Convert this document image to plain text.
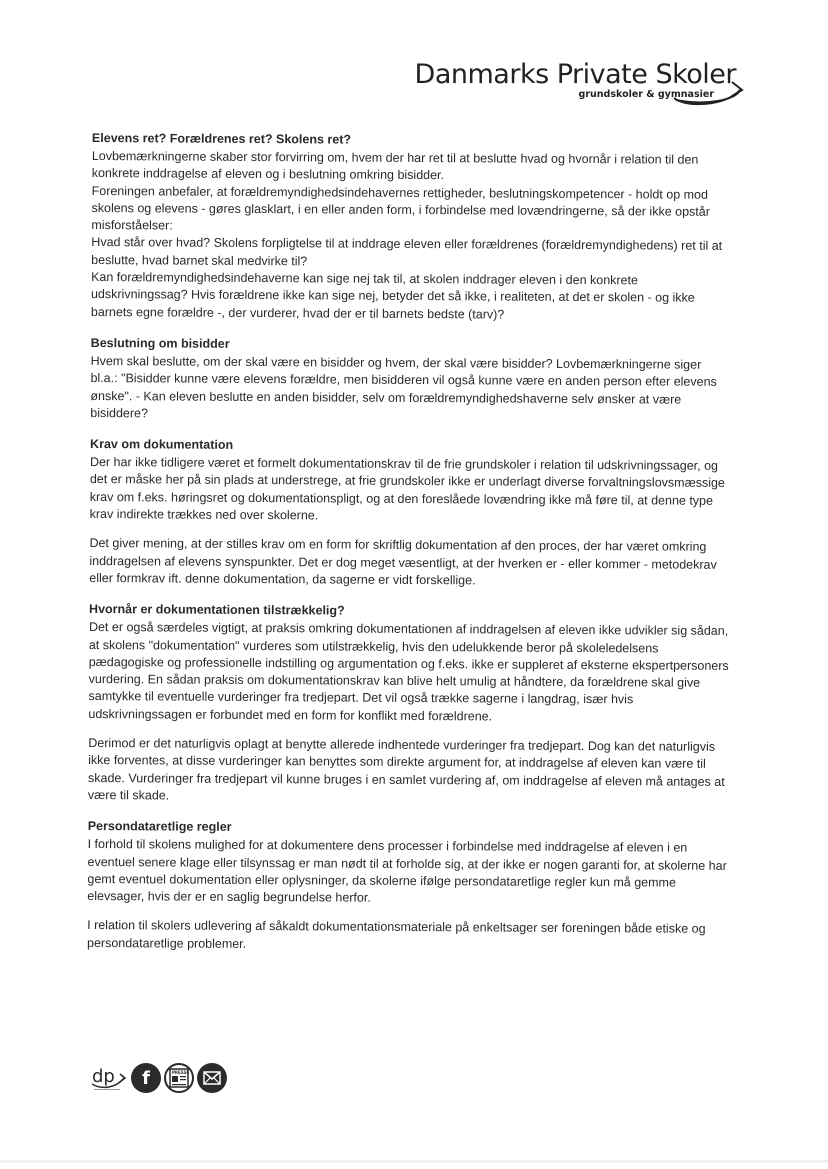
Danmarks Private Skoler
grundskoler & gymnasier
Elevens ret? Forældrenes ret? Skolens ret?

Lovbemærkningerne skaber stor forvirring om, hvem der har ret til at beslutte hvad og hvornår i relation til den konkrete inddragelse af eleven og i beslutning omkring bisidder.

Foreningen anbefaler, at forældremyndighedsindehavernes rettigheder, beslutningskompetencer - holdt op mod skolens og elevens - gøres glasklart, i en eller anden form, i forbindelse med lovændringerne, så der ikke opstår misforståelser:

Hvad står over hvad? Skolens forpligtelse til at inddrage eleven eller forældrenes (forældremyndighedens) ret til at beslutte, hvad barnet skal medvirke til?

Kan forældremyndighedsindehaverne kan sige nej tak til, at skolen inddrager eleven i den konkrete udskrivningssag? Hvis forældrene ikke kan sige nej, betyder det så ikke, i realiteten, at det er skolen - og ikke barnets egne forældre -, der vurderer, hvad der er til barnets bedste (tarv)?

Beslutning om bisidder

Hvem skal beslutte, om der skal være en bisidder og hvem, der skal være bisidder? Lovbemærkningerne siger bl.a.: "Bisidder kunne være elevens forældre, men bisidderen vil også kunne være en anden person efter elevens ønske". - Kan eleven beslutte en anden bisidder, selv om forældremyndighedshaverne selv ønsker at være bisiddere?

Krav om dokumentation

Der har ikke tidligere været et formelt dokumentationskrav til de frie grundskoler i relation til udskrivningssager, og det er måske her på sin plads at understrege, at frie grundskoler ikke er underlagt diverse forvaltningslovsmæssige krav om f.eks. høringsret og dokumentationspligt, og at den foreslåede lovændring ikke må føre til, at denne type krav indirekte trækkes ned over skolerne.

Det giver mening, at der stilles krav om en form for skriftlig dokumentation af den proces, der har været omkring inddragelsen af elevens synspunkter. Det er dog meget væsentligt, at der hverken er - eller kommer - metodekrav eller formkrav ift. denne dokumentation, da sagerne er vidt forskellige.

Hvornår er dokumentationen tilstrækkelig?

Det er også særdeles vigtigt, at praksis omkring dokumentationen af inddragelsen af eleven ikke udvikler sig sådan, at skolens "dokumentation" vurderes som utilstrækkelig, hvis den udelukkende beror på skoleledelsens pædagogiske og professionelle indstilling og argumentation og f.eks. ikke er suppleret af eksterne ekspertpersoners vurdering. En sådan praksis om dokumentationskrav kan blive helt umulig at håndtere, da forældrene skal give samtykke til eventuelle vurderinger fra tredjepart. Det vil også trække sagerne i langdrag, især hvis udskrivningssagen er forbundet med en form for konflikt med forældrene.

Derimod er det naturligvis oplagt at benytte allerede indhentede vurderinger fra tredjepart. Dog kan det naturligvis ikke forventes, at disse vurderinger kan benyttes som direkte argument for, at inddragelse af eleven kan være til skade. Vurderinger fra tredjepart vil kunne bruges i en samlet vurdering af, om inddragelse af eleven må antages at være til skade.

Persondataretlige regler

I forhold til skolens mulighed for at dokumentere dens processer i forbindelse med inddragelse af eleven i en eventuel senere klage eller tilsynssag er man nødt til at forholde sig, at der ikke er nogen garanti for, at skolerne har gemt eventuel dokumentation eller oplysninger, da skolerne ifølge persondataretlige regler kun må gemme elevsager, hvis der er en saglig begrundelse herfor.

I relation til skolers udlevering af såkaldt dokumentationsmateriale på enkeltsager ser foreningen både etiske og persondataretlige problemer.

dp f	PRESSE
